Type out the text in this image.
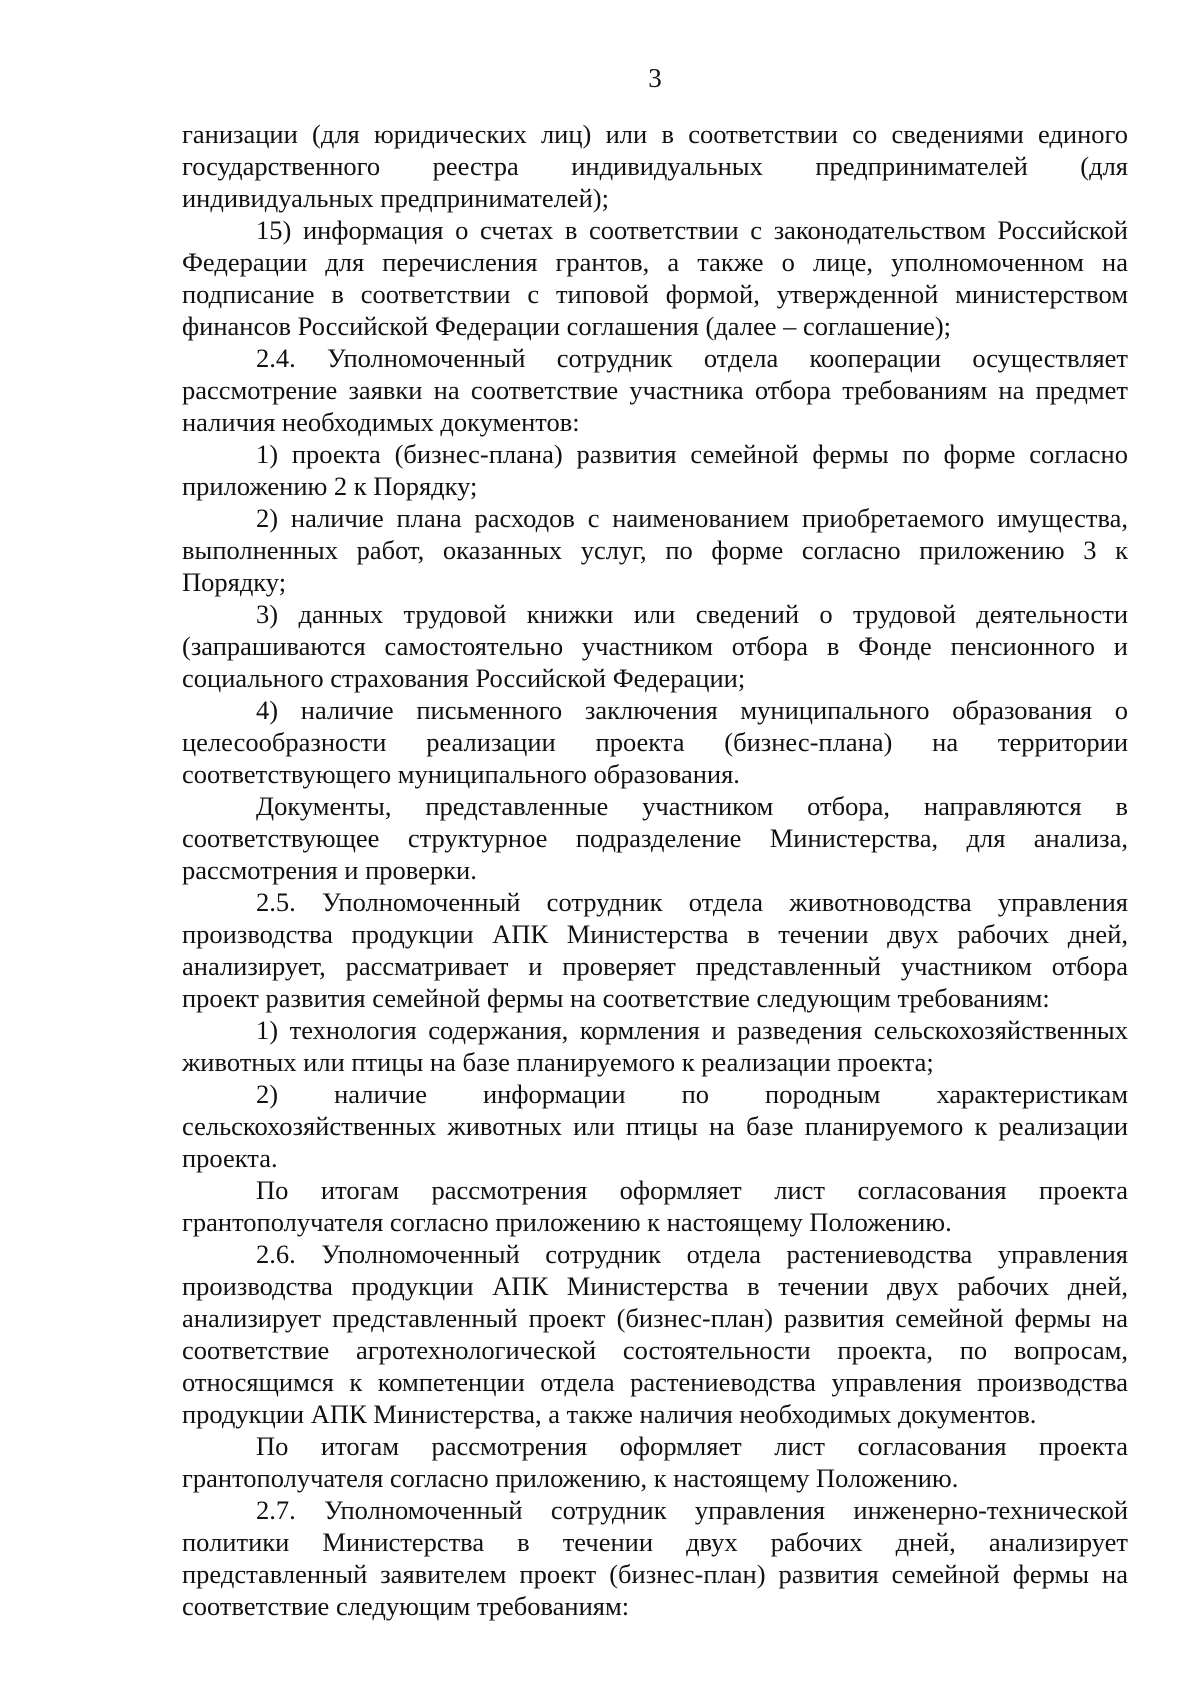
3

ганизации (для юридических лиц) или в соответствии со сведениями единого государственного реестра индивидуальных предпринимателей (для индивидуальных предпринимателей);

15) информация о счетах в соответствии с законодательством Российской Федерации для перечисления грантов, а также о лице, уполномоченном на подписание в соответствии с типовой формой, утвержденной министерством финансов Российской Федерации соглашения (далее – соглашение);

2.4. Уполномоченный сотрудник отдела кооперации осуществляет рассмотрение заявки на соответствие участника отбора требованиям на предмет наличия необходимых документов:

1) проекта (бизнес-плана) развития семейной фермы по форме согласно приложению 2 к Порядку;

2) наличие плана расходов с наименованием приобретаемого имущества, выполненных работ, оказанных услуг, по форме согласно приложению 3 к Порядку;

3) данных трудовой книжки или сведений о трудовой деятельности (запрашиваются самостоятельно участником отбора в Фонде пенсионного и социального страхования Российской Федерации;

4) наличие письменного заключения муниципального образования о целесообразности реализации проекта (бизнес-плана) на территории соответствующего муниципального образования.

Документы, представленные участником отбора, направляются в соответствующее структурное подразделение Министерства, для анализа, рассмотрения и проверки.

2.5. Уполномоченный сотрудник отдела животноводства управления производства продукции АПК Министерства в течении двух рабочих дней, анализирует, рассматривает и проверяет представленный участником отбора проект развития семейной фермы на соответствие следующим требованиям:

1) технология содержания, кормления и разведения сельскохозяйственных животных или птицы на базе планируемого к реализации проекта;

2) наличие информации по породным характеристикам сельскохозяйственных животных или птицы на базе планируемого к реализации проекта.

По итогам рассмотрения оформляет лист согласования проекта грантополучателя согласно приложению к настоящему Положению.

2.6. Уполномоченный сотрудник отдела растениеводства управления производства продукции АПК Министерства в течении двух рабочих дней, анализирует представленный проект (бизнес-план) развития семейной фермы на соответствие агротехнологической состоятельности проекта, по вопросам, относящимся к компетенции отдела растениеводства управления производства продукции АПК Министерства, а также наличия необходимых документов.

По итогам рассмотрения оформляет лист согласования проекта грантополучателя согласно приложению, к настоящему Положению.

2.7. Уполномоченный сотрудник управления инженерно-технической политики Министерства в течении двух рабочих дней, анализирует представленный заявителем проект (бизнес-план) развития семейной фермы на соответствие следующим требованиям:
